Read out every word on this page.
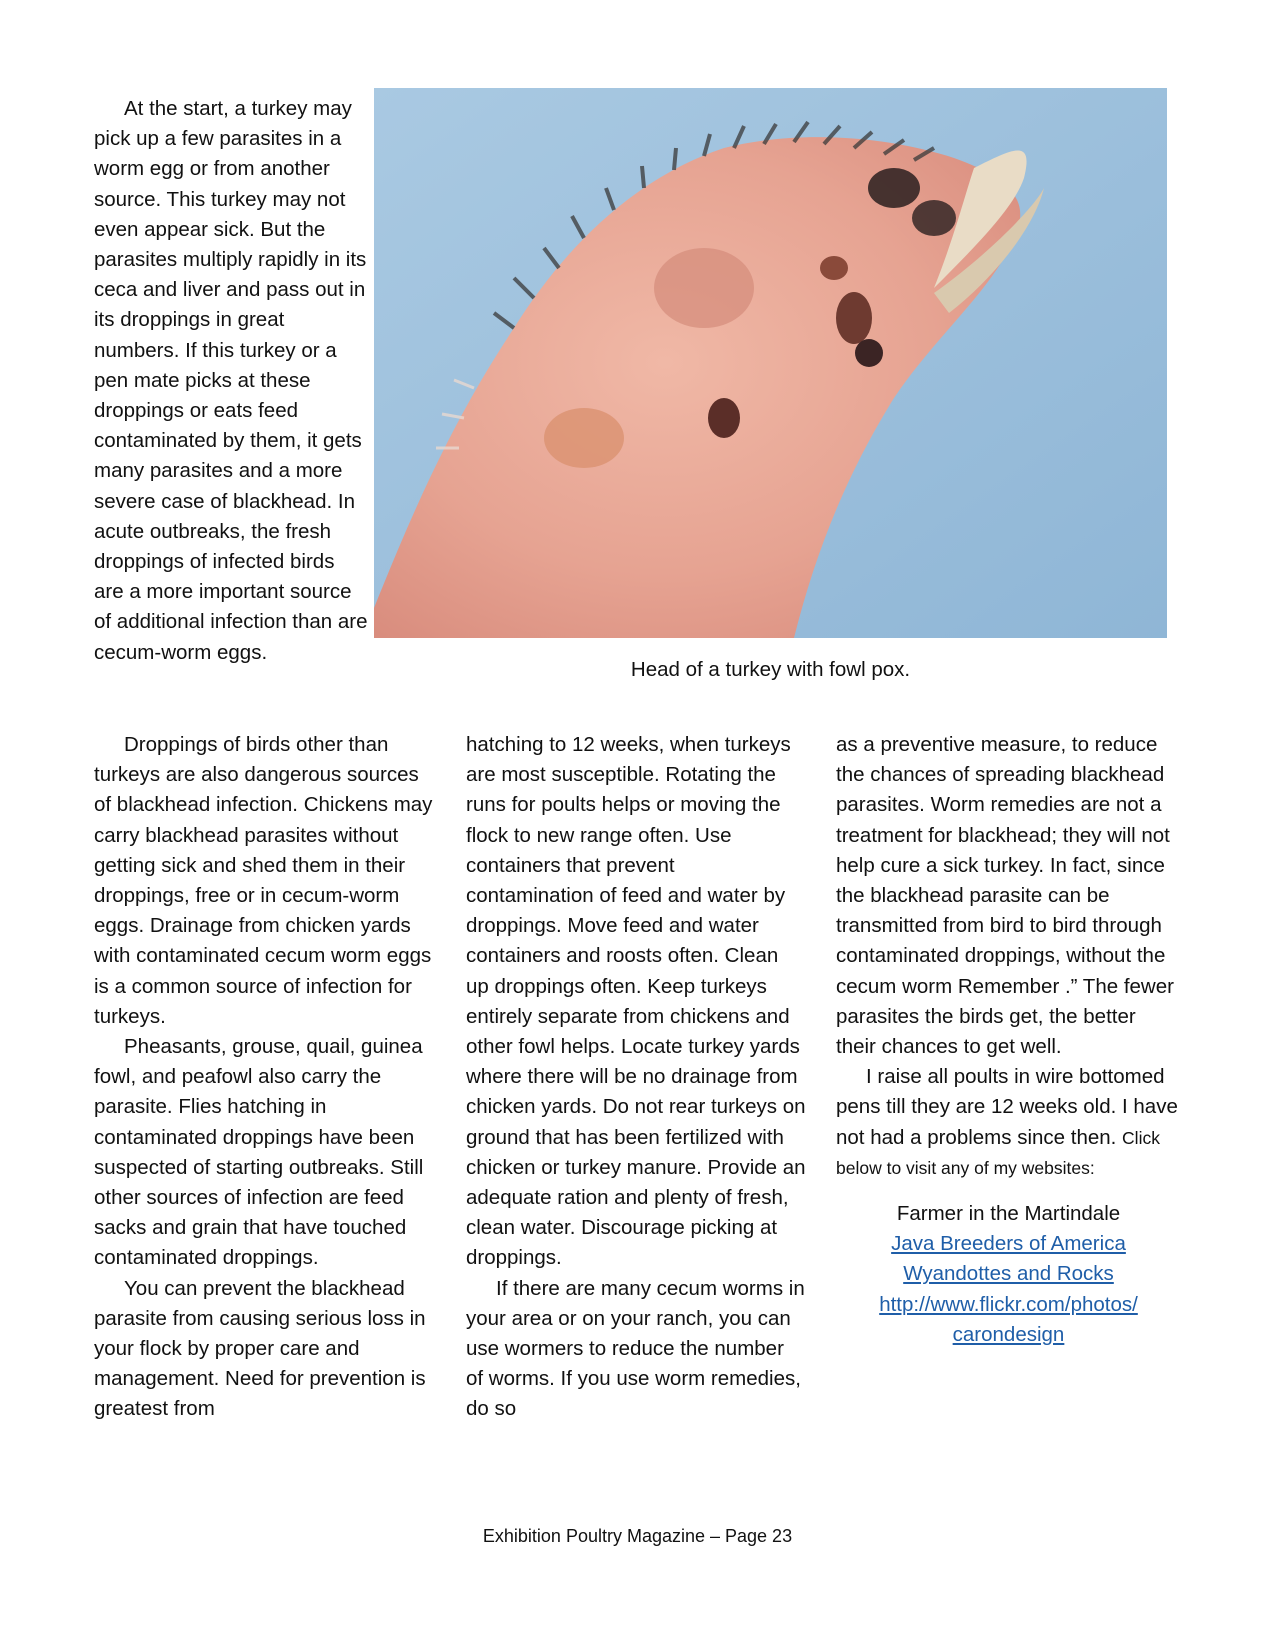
At the start, a turkey may pick up a few parasites in a worm egg or from another source. This turkey may not even appear sick. But the parasites multiply rapidly in its ceca and liver and pass out in its droppings in great numbers. If this turkey or a pen mate picks at these droppings or eats feed contaminated by them, it gets many parasites and a more severe case of blackhead. In acute outbreaks, the fresh droppings of infected birds are a more important source of additional infection than are cecum-worm eggs.

Head of a turkey with fowl pox.

Droppings of birds other than turkeys are also dangerous sources of blackhead infection. Chickens may carry blackhead parasites without getting sick and shed them in their droppings, free or in cecum-worm eggs. Drainage from chicken yards with contaminated cecum worm eggs is a common source of infection for turkeys.

Pheasants, grouse, quail, guinea fowl, and peafowl also carry the parasite. Flies hatching in contaminated droppings have been suspected of starting outbreaks. Still other sources of infection are feed sacks and grain that have touched contaminated droppings.

You can prevent the blackhead parasite from causing serious loss in your flock by proper care and management. Need for prevention is greatest from

hatching to 12 weeks, when turkeys are most susceptible. Rotating the runs for poults helps or moving the flock to new range often. Use containers that prevent contamination of feed and water by droppings. Move feed and water containers and roosts often. Clean up droppings often. Keep turkeys entirely separate from chickens and other fowl helps. Locate turkey yards where there will be no drainage from chicken yards. Do not rear turkeys on ground that has been fertilized with chicken or turkey manure. Provide an adequate ration and plenty of fresh, clean water. Discourage picking at droppings.

If there are many cecum worms in your area or on your ranch, you can use wormers to reduce the number of worms. If you use worm remedies, do so

as a preventive measure, to reduce the chances of spreading blackhead parasites. Worm remedies are not a treatment for blackhead; they will not help cure a sick turkey. In fact, since the blackhead parasite can be transmitted from bird to bird through contaminated droppings, without the cecum worm Remember .” The fewer parasites the birds get, the better their chances to get well.

I raise all poults in wire bottomed pens till they are 12 weeks old. I have not had a problems since then. Click below to visit any of my websites:

Farmer in the Martindale
Java Breeders of America
Wyandottes and Rocks
http://www.flickr.com/photos/
carondesign
Exhibition Poultry Magazine – Page 23
